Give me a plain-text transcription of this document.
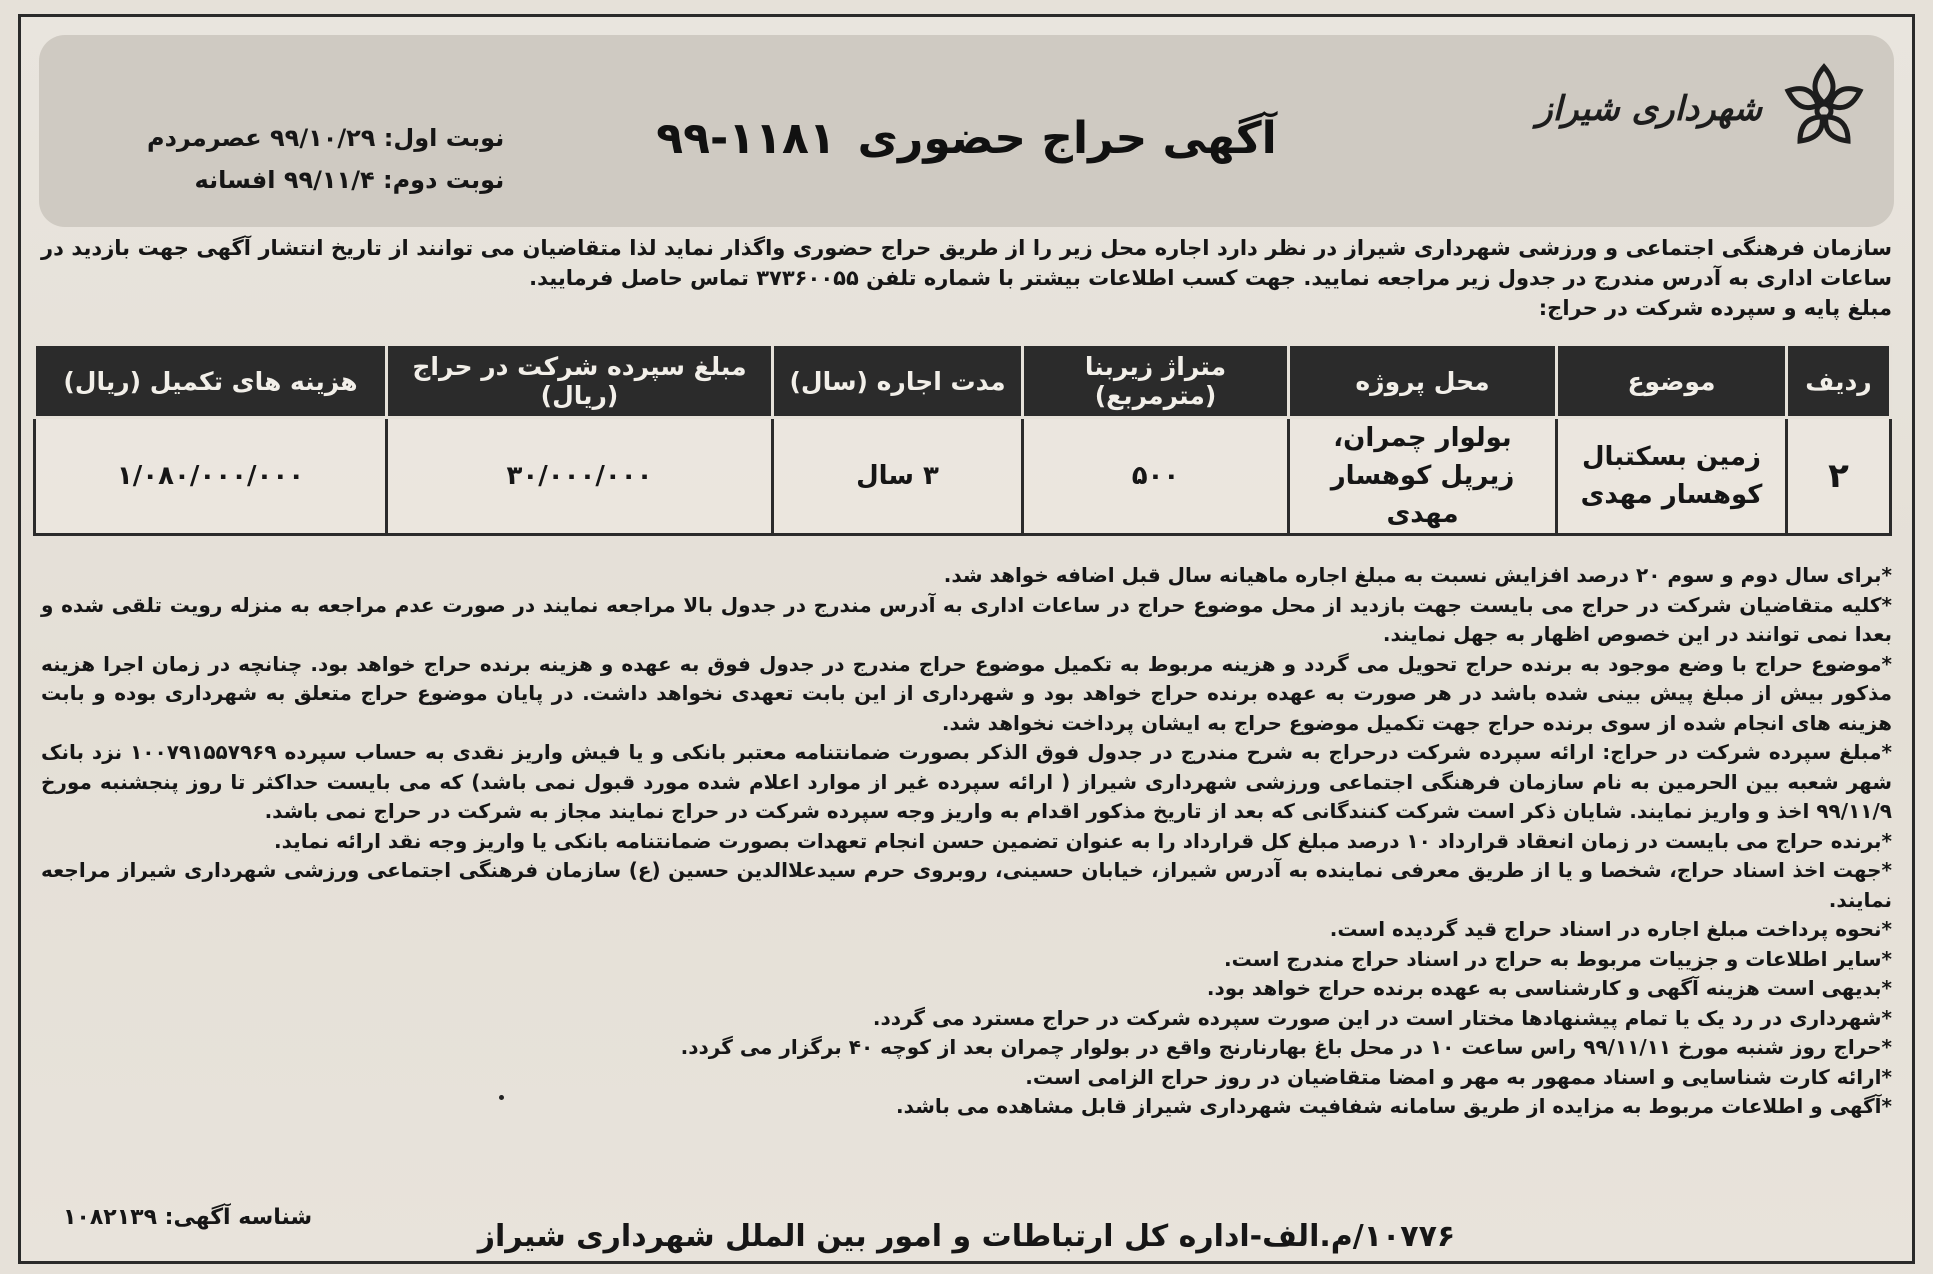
شهرداری شیراز
آگهی حراج حضوری۱۱۸۱-۹۹
نوبت اول: ۹۹/۱۰/۲۹ عصرمردم
نوبت دوم: ۹۹/۱۱/۴ افسانه
سازمان فرهنگی اجتماعی و ورزشی شهرداری شیراز در نظر دارد اجاره محل زیر را از طریق حراج حضوری واگذار نماید لذا متقاضیان می توانند از تاریخ انتشار آگهی جهت بازدید در ساعات اداری به آدرس مندرج در جدول زیر مراجعه نمایید. جهت کسب اطلاعات بیشتر با شماره تلفن ۳۷۳۶۰۰۵۵ تماس حاصل فرمایید.
مبلغ پایه و سپرده شرکت در حراج:
ردیف	موضوع	محل پروژه	متراژ زیربنا (مترمربع)	مدت اجاره (سال)	مبلغ سپرده شرکت در حراج (ریال)	هزینه های تکمیل (ریال)
۲	زمین بسکتبال کوهسار مهدی	بولوار چمران، زیرپل کوهسار مهدی	۵۰۰	۳ سال	۳۰/۰۰۰/۰۰۰	۱/۰۸۰/۰۰۰/۰۰۰

*برای سال دوم و سوم ۲۰ درصد افزایش نسبت به مبلغ اجاره ماهیانه سال قبل اضافه خواهد شد.

*کلیه متقاضیان شرکت در حراج می بایست جهت بازدید از محل موضوع حراج در ساعات اداری به آدرس مندرج در جدول بالا مراجعه نمایند در صورت عدم مراجعه به منزله رویت تلقی شده و بعدا نمی توانند در این خصوص اظهار به جهل نمایند.

*موضوع حراج با وضع موجود به برنده حراج تحویل می گردد و هزینه مربوط به تکمیل موضوع حراج مندرج در جدول فوق به عهده و هزینه برنده حراج خواهد بود. چنانچه در زمان اجرا هزینه مذکور بیش از مبلغ پیش بینی شده باشد در هر صورت به عهده برنده حراج خواهد بود و شهرداری از این بابت تعهدی نخواهد داشت. در پایان موضوع حراج متعلق به شهرداری بوده و بابت هزینه های انجام شده از سوی برنده حراج جهت تکمیل موضوع حراج به ایشان پرداخت نخواهد شد.

*مبلغ سپرده شرکت در حراج: ارائه سپرده شرکت درحراج به شرح مندرج در جدول فوق الذکر بصورت ضمانتنامه معتبر بانکی و یا فیش واریز نقدی به حساب سپرده ۱۰۰۷۹۱۵۵۷۹۶۹ نزد بانک شهر شعبه بین الحرمین به نام سازمان فرهنگی اجتماعی ورزشی شهرداری شیراز ( ارائه سپرده غیر از موارد اعلام شده مورد قبول نمی باشد) که می بایست حداکثر تا روز پنجشنبه مورخ ۹۹/۱۱/۹ اخذ و واریز نمایند. شایان ذکر است شرکت کنندگانی که بعد از تاریخ مذکور اقدام به واریز وجه سپرده شرکت در حراج نمایند مجاز به شرکت در حراج نمی باشد.

*برنده حراج می بایست در زمان انعقاد قرارداد ۱۰ درصد مبلغ کل قرارداد را به عنوان تضمین حسن انجام تعهدات بصورت ضمانتنامه بانکی یا واریز وجه نقد ارائه نماید.

*جهت اخذ اسناد حراج، شخصا و یا از طریق معرفی نماینده به آدرس شیراز، خیابان حسینی، روبروی حرم سیدعلاالدین حسین (ع) سازمان فرهنگی اجتماعی ورزشی شهرداری شیراز مراجعه نمایند.

*نحوه پرداخت مبلغ اجاره در اسناد حراج قید گردیده است.

*سایر اطلاعات و جزییات مربوط به حراج در اسناد حراج مندرج است.

*بدیهی است هزینه آگهی و کارشناسی به عهده برنده حراج خواهد بود.

*شهرداری در رد یک یا تمام پیشنهادها مختار است در این صورت سپرده شرکت در حراج مسترد می گردد.

*حراج روز شنبه مورخ ۹۹/۱۱/۱۱ راس ساعت ۱۰ در محل باغ بهارنارنج واقع در بولوار چمران بعد از کوچه ۴۰ برگزار می گردد.

*ارائه کارت شناسایی و اسناد ممهور به مهر و امضا متقاضیان در روز حراج الزامی است.

*آگهی و اطلاعات مربوط به مزایده از طریق سامانه شفافیت شهرداری شیراز قابل مشاهده می باشد.

شناسه آگهی: ۱۰۸۲۱۳۹
۱۰۷۷۶/م.الف-اداره کل ارتباطات و امور بین الملل شهرداری شیراز
